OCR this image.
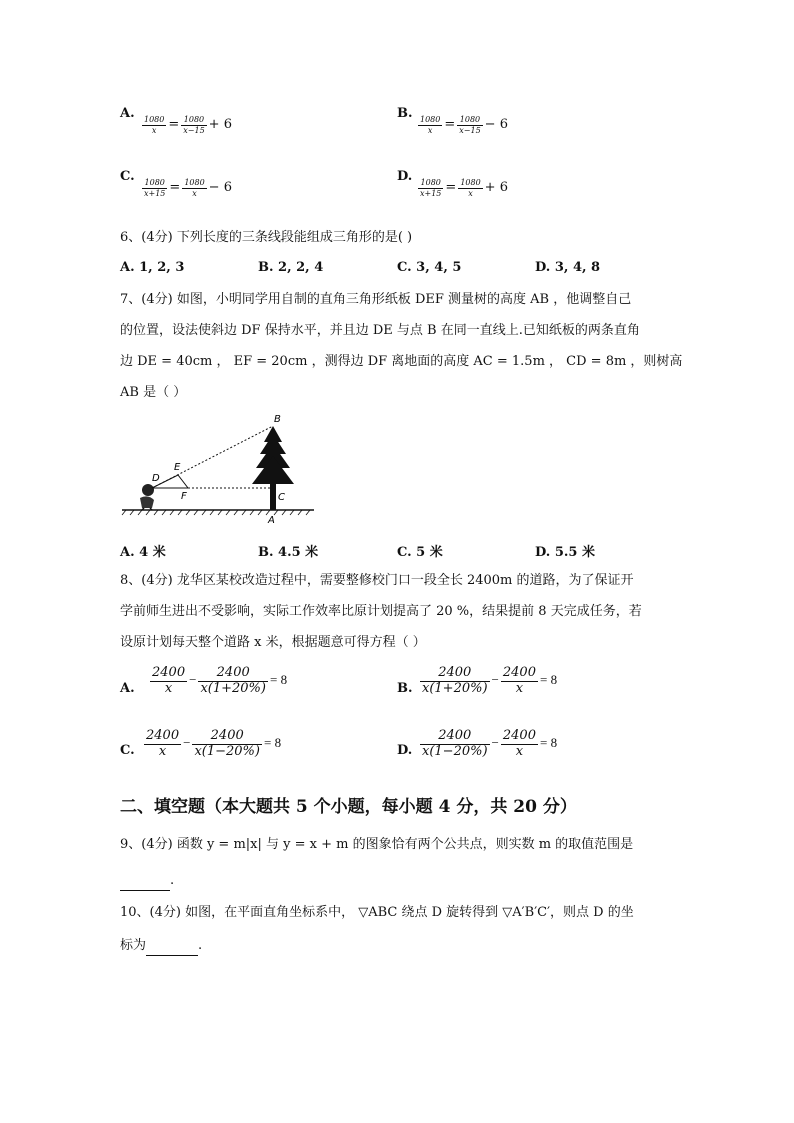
A.
$\frac{1080}{x} = \frac{1080}{x-15} + 6$
B.
$\frac{1080}{x} = \frac{1080}{x-15} - 6$
C.
$\frac{1080}{x+15} = \frac{1080}{x} - 6$
D.
$\frac{1080}{x+15} = \frac{1080}{x} + 6$
6、(4分) 下列长度的三条线段能组成三角形的是( )
A. 1, 2, 3	B. 2, 2, 4	C. 3, 4, 5	D. 3, 4, 8
7、(4分) 如图，小明同学用自制的直角三角形纸板 DEF 测量树的高度 AB ，他调整自己
的位置，设法使斜边 DF 保持水平，并且边 DE 与点 B 在同一直线上.已知纸板的两条直角
边 DE = 40cm ， EF = 20cm ，测得边 DF 离地面的高度 AC = 1.5m ， CD = 8m ，则树高
AB 是（ ）
B
E
D
F	C
A
A. 4 米	B. 4.5 米	C. 5 米	D. 5.5 米
8、(4分) 龙华区某校改造过程中，需要整修校门口一段全长 2400m 的道路，为了保证开
学前师生进出不受影响，实际工作效率比原计划提高了 20 %，结果提前 8 天完成任务，若
设原计划每天整个道路 x 米，根据题意可得方程（ ）
A. $\frac{2400}{x} - \frac{2400}{x(1+20\%)} = 8$
B. $\frac{2400}{x(1+20\%)} - \frac{2400}{x} = 8$
C. $\frac{2400}{x} - \frac{2400}{x(1-20\%)} = 8$
D. $\frac{2400}{x(1-20\%)} - \frac{2400}{x} = 8$
二、填空题（本大题共 5 个小题，每小题 4 分，共 20 分）
9、(4分) 函数 y = m|x| 与 y = x + m 的图象恰有两个公共点，则实数 m 的取值范围是
.
10、(4分) 如图，在平面直角坐标系中， ▽ABC 绕点 D 旋转得到 ▽A′B′C′，则点 D 的坐
标为	.
